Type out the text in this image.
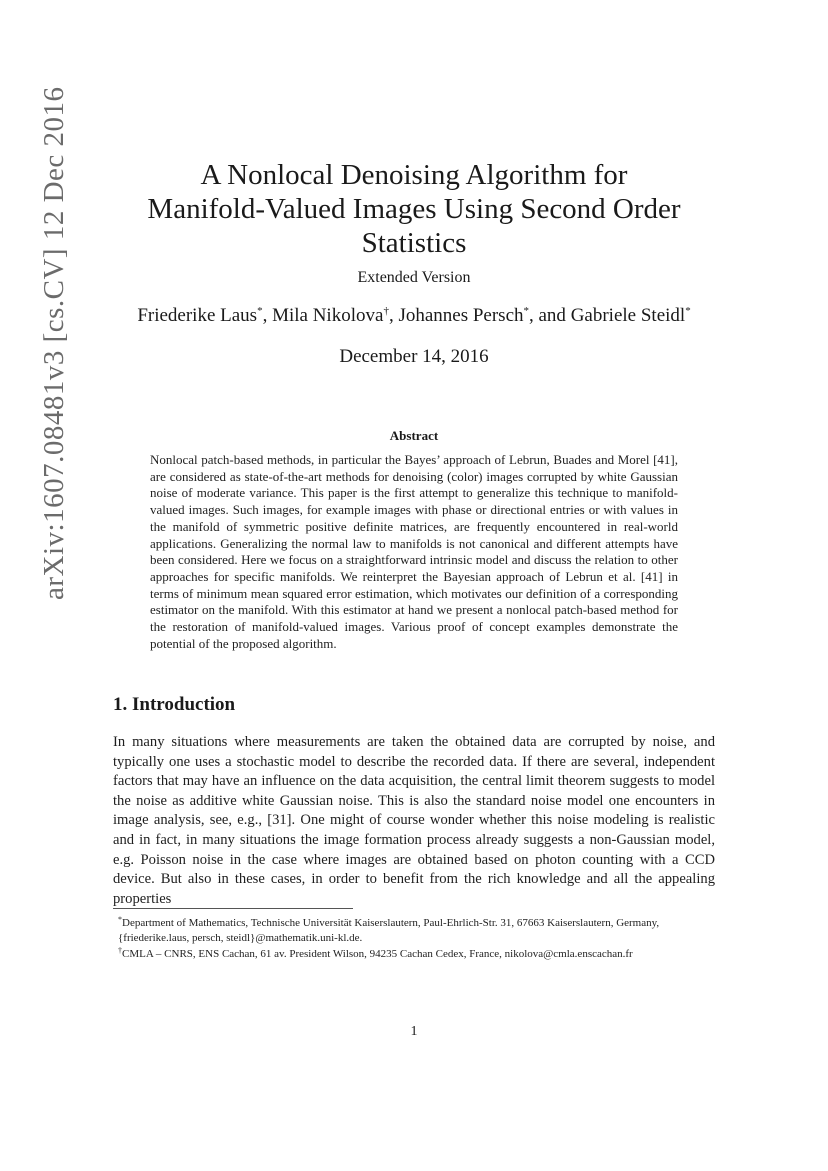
arXiv:1607.08481v3 [cs.CV] 12 Dec 2016	A Nonlocal Denoising Algorithm for
Manifold-Valued Images Using Second Order
Statistics
Extended Version
Friederike Laus*, Mila Nikolova†, Johannes Persch*, and Gabriele Steidl*
December 14, 2016
Abstract
Nonlocal patch-based methods, in particular the Bayes’ approach of Lebrun, Buades and Morel [41], are considered as state-of-the-art methods for denoising (color) images corrupted by white Gaussian noise of moderate variance. This paper is the first attempt to generalize this technique to manifold-valued images. Such images, for example images with phase or directional entries or with values in the manifold of symmetric positive definite matrices, are frequently encountered in real-world applications. Generalizing the normal law to manifolds is not canonical and different attempts have been considered. Here we focus on a straightforward intrinsic model and discuss the relation to other approaches for specific manifolds. We reinterpret the Bayesian approach of Lebrun et al. [41] in terms of minimum mean squared error estimation, which motivates our definition of a corresponding estimator on the manifold. With this estimator at hand we present a nonlocal patch-based method for the restoration of manifold-valued images. Various proof of concept examples demonstrate the potential of the proposed algorithm.
1. Introduction
In many situations where measurements are taken the obtained data are corrupted by noise, and typically one uses a stochastic model to describe the recorded data. If there are several, independent factors that may have an influence on the data acquisition, the central limit theorem suggests to model the noise as additive white Gaussian noise. This is also the standard noise model one encounters in image analysis, see, e.g., [31]. One might of course wonder whether this noise modeling is realistic and in fact, in many situations the image formation process already suggests a non-Gaussian model, e.g. Poisson noise in the case where images are obtained based on photon counting with a CCD device. But also in these cases, in order to benefit from the rich knowledge and all the appealing properties
*Department of Mathematics, Technische Universität Kaiserslautern, Paul-Ehrlich-Str. 31, 67663 Kaiserslautern, Germany, {friederike.laus, persch, steidl}@mathematik.uni-kl.de.
†CMLA – CNRS, ENS Cachan, 61 av. President Wilson, 94235 Cachan Cedex, France, nikolova@cmla.enscachan.fr
1
